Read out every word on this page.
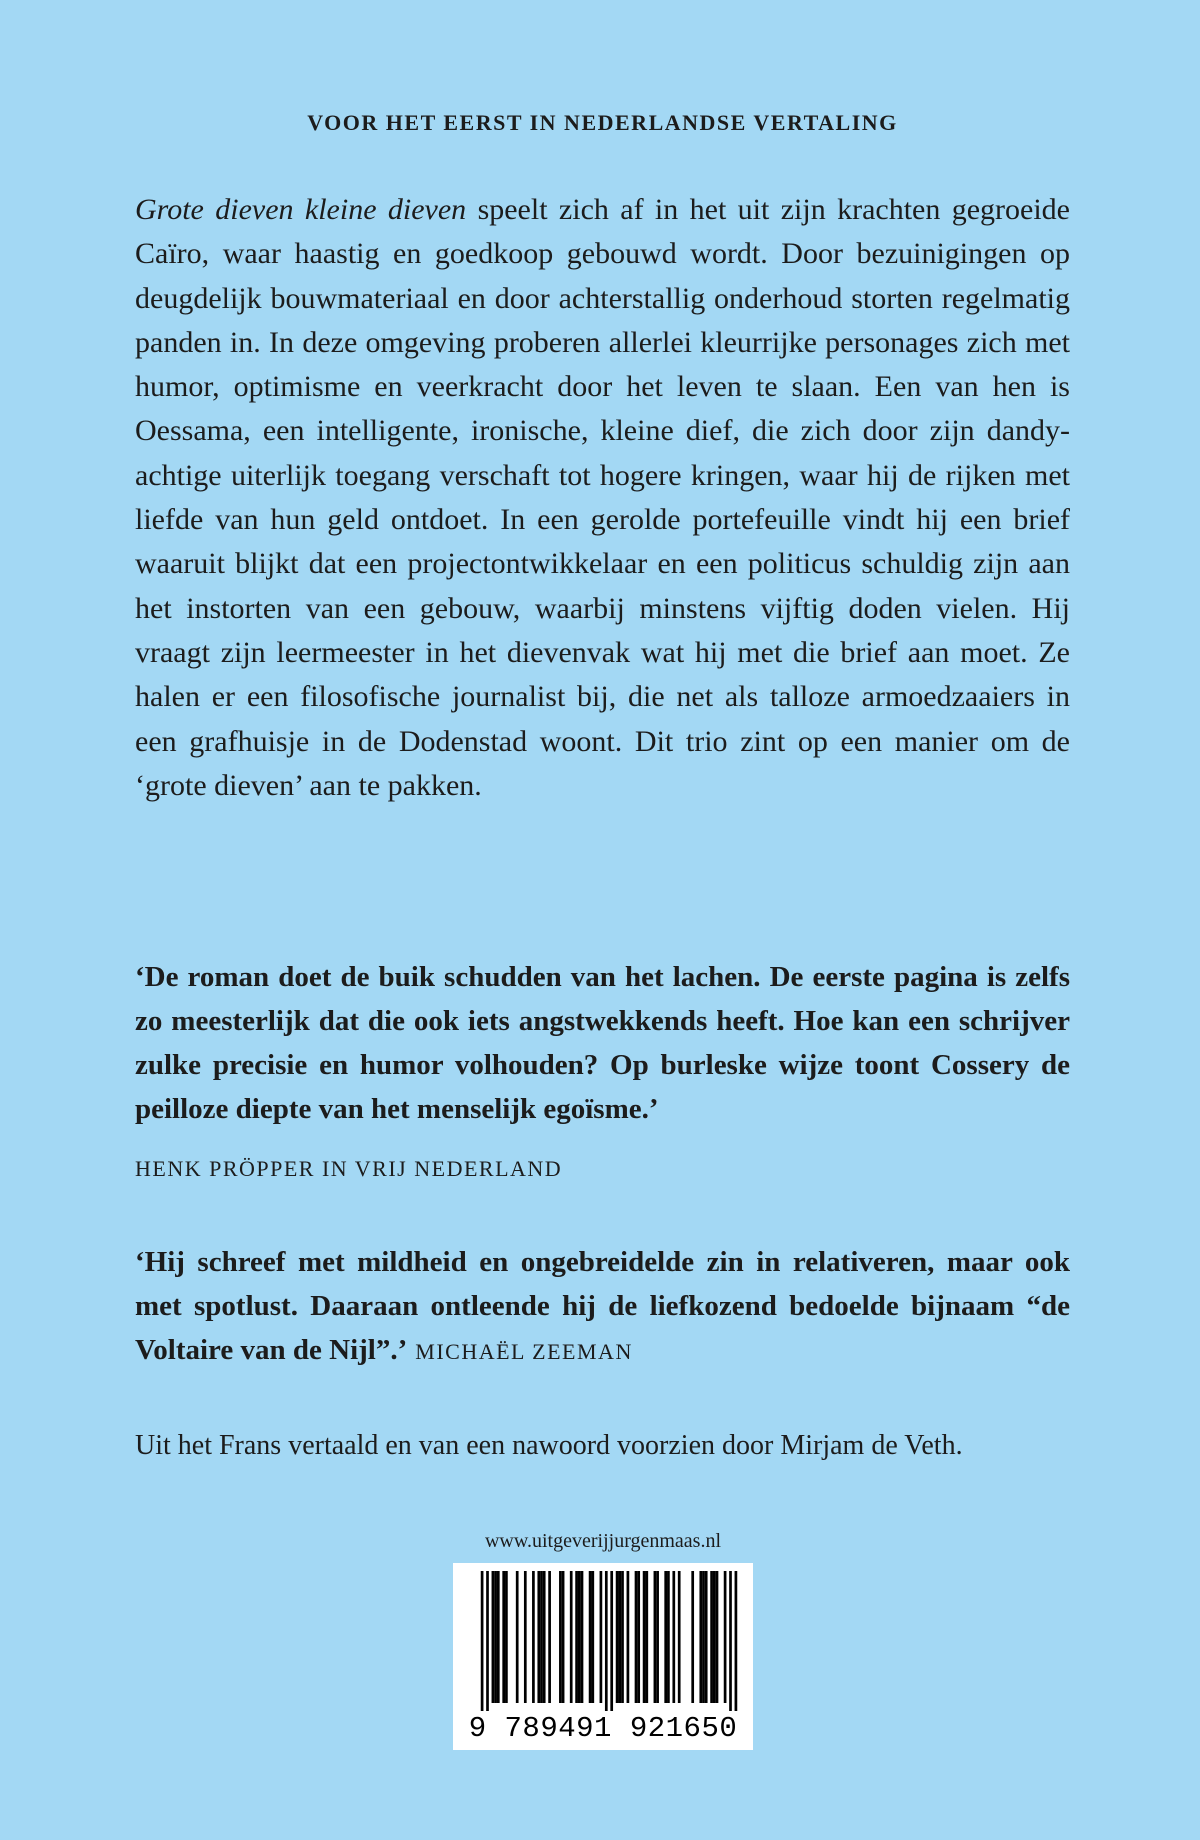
VOOR HET EERST IN NEDERLANDSE VERTALING

Grote dieven kleine dieven speelt zich af in het uit zijn krachten gegroeide Caïro, waar haastig en goedkoop gebouwd wordt. Door bezuinigingen op deugdelijk bouwmateriaal en door achterstallig onderhoud storten regelmatig panden in. In deze omgeving proberen allerlei kleurrijke personages zich met humor, optimisme en veerkracht door het leven te slaan. Een van hen is Oessama, een intelligente, ironische, kleine dief, die zich door zijn dandy-achtige uiterlijk toegang verschaft tot hogere kringen, waar hij de rijken met liefde van hun geld ontdoet. In een gerolde portefeuille vindt hij een brief waaruit blijkt dat een projectontwikkelaar en een politicus schuldig zijn aan het instorten van een gebouw, waarbij minstens vijftig doden vielen. Hij vraagt zijn leermeester in het dievenvak wat hij met die brief aan moet. Ze halen er een filosofische journalist bij, die net als talloze armoedzaaiers in een grafhuisje in de Dodenstad woont. Dit trio zint op een manier om de ‘grote dieven’ aan te pakken.

‘De roman doet de buik schudden van het lachen. De eerste pagina is zelfs zo meesterlijk dat die ook iets angstwekkends heeft. Hoe kan een schrijver zulke precisie en humor volhouden? Op burleske wijze toont Cossery de peilloze diepte van het menselijk egoïsme.’

HENK PRÖPPER IN VRIJ NEDERLAND

‘Hij schreef met mildheid en ongebreidelde zin in relativeren, maar ook met spotlust. Daaraan ontleende hij de liefkozend bedoelde bijnaam “de Voltaire van de Nijl”.’ MICHAËL ZEEMAN

Uit het Frans vertaald en van een nawoord voorzien door Mirjam de Veth.
www.uitgeverijjurgenmaas.nl
9 789491 921650
